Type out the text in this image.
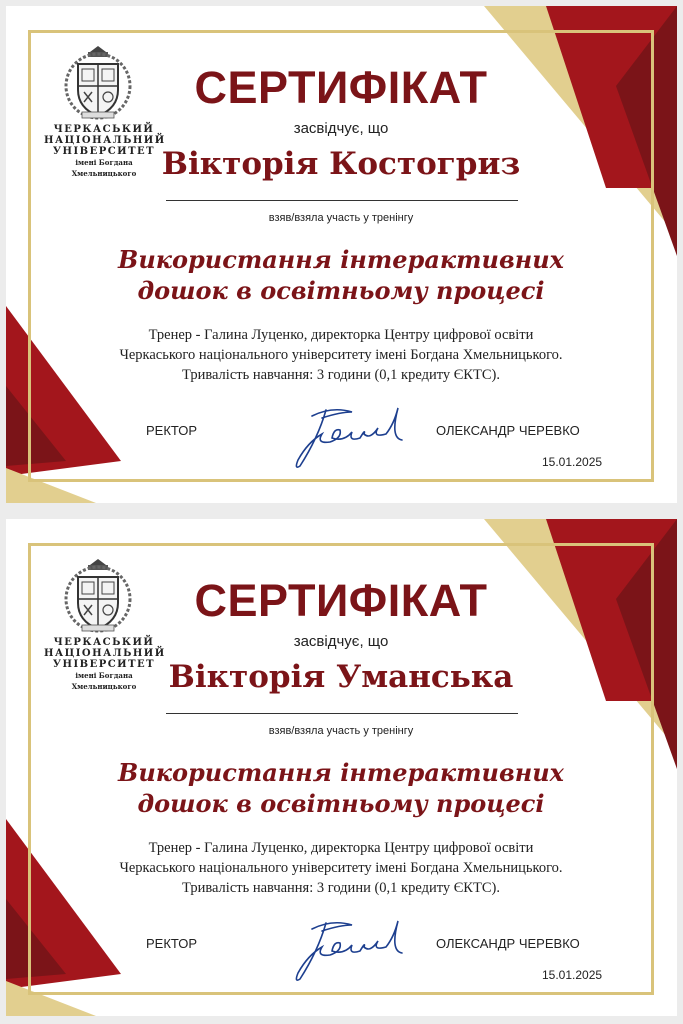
ЧЕРКАСЬКИЙ
НАЦІОНАЛЬНИЙ
УНІВЕРСИТЕТ
імені Богдана Хмельницького
СЕРТИФІКАТ
засвідчує, що
Вікторія Костогриз
взяв/взяла участь у тренінгу
Використання інтерактивних
дошок в освітньому процесі
Тренер - Галина Луценко, директорка Центру цифрової освіти
Черкаського національного університету імені Богдана Хмельницького.
Тривалість навчання: 3 години (0,1 кредиту ЄКТС).
РЕКТОР	ОЛЕКСАНДР ЧЕРЕВКО
15.01.2025
ЧЕРКАСЬКИЙ
НАЦІОНАЛЬНИЙ
УНІВЕРСИТЕТ
імені Богдана Хмельницького
СЕРТИФІКАТ
засвідчує, що
Вікторія Уманська
взяв/взяла участь у тренінгу
Використання інтерактивних
дошок в освітньому процесі
Тренер - Галина Луценко, директорка Центру цифрової освіти
Черкаського національного університету імені Богдана Хмельницького.
Тривалість навчання: 3 години (0,1 кредиту ЄКТС).
РЕКТОР	ОЛЕКСАНДР ЧЕРЕВКО
15.01.2025
